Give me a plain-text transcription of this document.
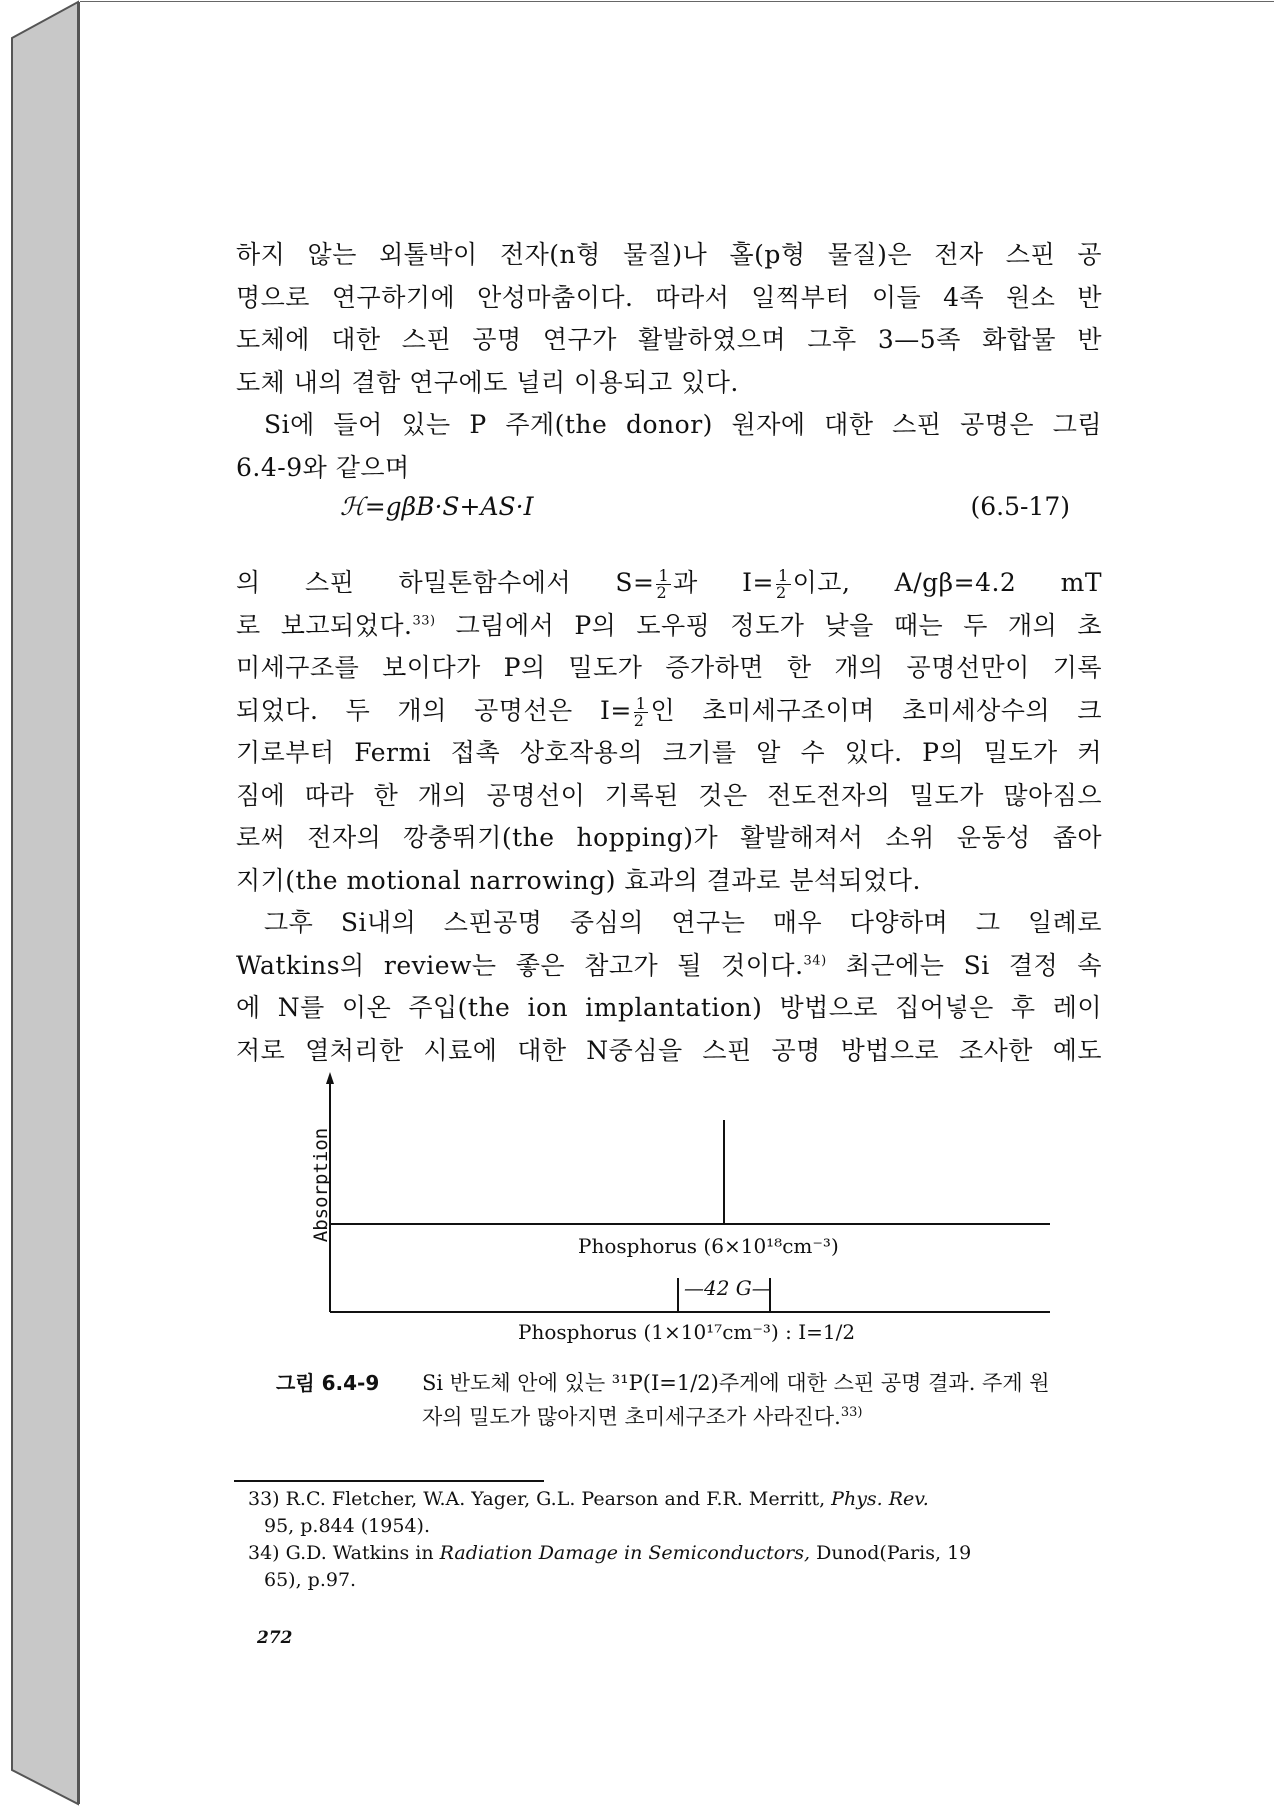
하지 않는 외톨박이 전자(n형 물질)나 홀(p형 물질)은 전자 스핀 공
명으로 연구하기에 안성마춤이다. 따라서 일찍부터 이들 4족 원소 반
도체에 대한 스핀 공명 연구가 활발하였으며 그후 3—5족 화합물 반
도체 내의 결함 연구에도 널리 이용되고 있다.
Si에 들어 있는 P 주게(the donor) 원자에 대한 스핀 공명은 그림
6.4-9와 같으며
ℋ=gβB·S+AS·I	(6.5-17)
의 스핀 하밀톤함수에서 $S= \frac{1}{2}$ 과 $I= \frac{1}{2}$ 이고, A/gβ=4.2 mT
로 보고되었다.$^{33)}$ 그림에서 P의 도우핑 정도가 낮을 때는 두 개의 초
미세구조를 보이다가 P의 밀도가 증가하면 한 개의 공명선만이 기록
되었다. 두 개의 공명선은 $I= \frac{1}{2}$ 인 초미세구조이며 초미세상수의 크
기로부터 Fermi 접촉 상호작용의 크기를 알 수 있다. P의 밀도가 커
짐에 따라 한 개의 공명선이 기록된 것은 전도전자의 밀도가 많아짐으
로써 전자의 깡충뛰기(the hopping)가 활발해져서 소위 운동성 좁아
지기(the motional narrowing) 효과의 결과로 분석되었다.
그후 Si내의 스핀공명 중심의 연구는 매우 다양하며 그 일례로
Watkins의 review는 좋은 참고가 될 것이다.$^{34)}$ 최근에는 Si 결정 속
에 N를 이온 주입(the ion implantation) 방법으로 집어넣은 후 레이
저로 열처리한 시료에 대한 N중심을 스핀 공명 방법으로 조사한 예도
Absorption
Phosphorus (6×10¹⁸cm⁻³)
—42 G—
Phosphorus (1×10¹⁷cm⁻³) : I=1/2
그림 6.4-9 Si 반도체 안에 있는 ³¹P(I=1/2)주게에 대한 스핀 공명 결과. 주게 원자의 밀도가 많아지면 초미세구조가 사라진다.$^{33)}$
33) R.C. Fletcher, W.A. Yager, G.L. Pearson and F.R. Merritt, Phys. Rev.
95, p.844 (1954).
34) G.D. Watkins in Radiation Damage in Semiconductors, Dunod(Paris, 19
65), p.97.
272
